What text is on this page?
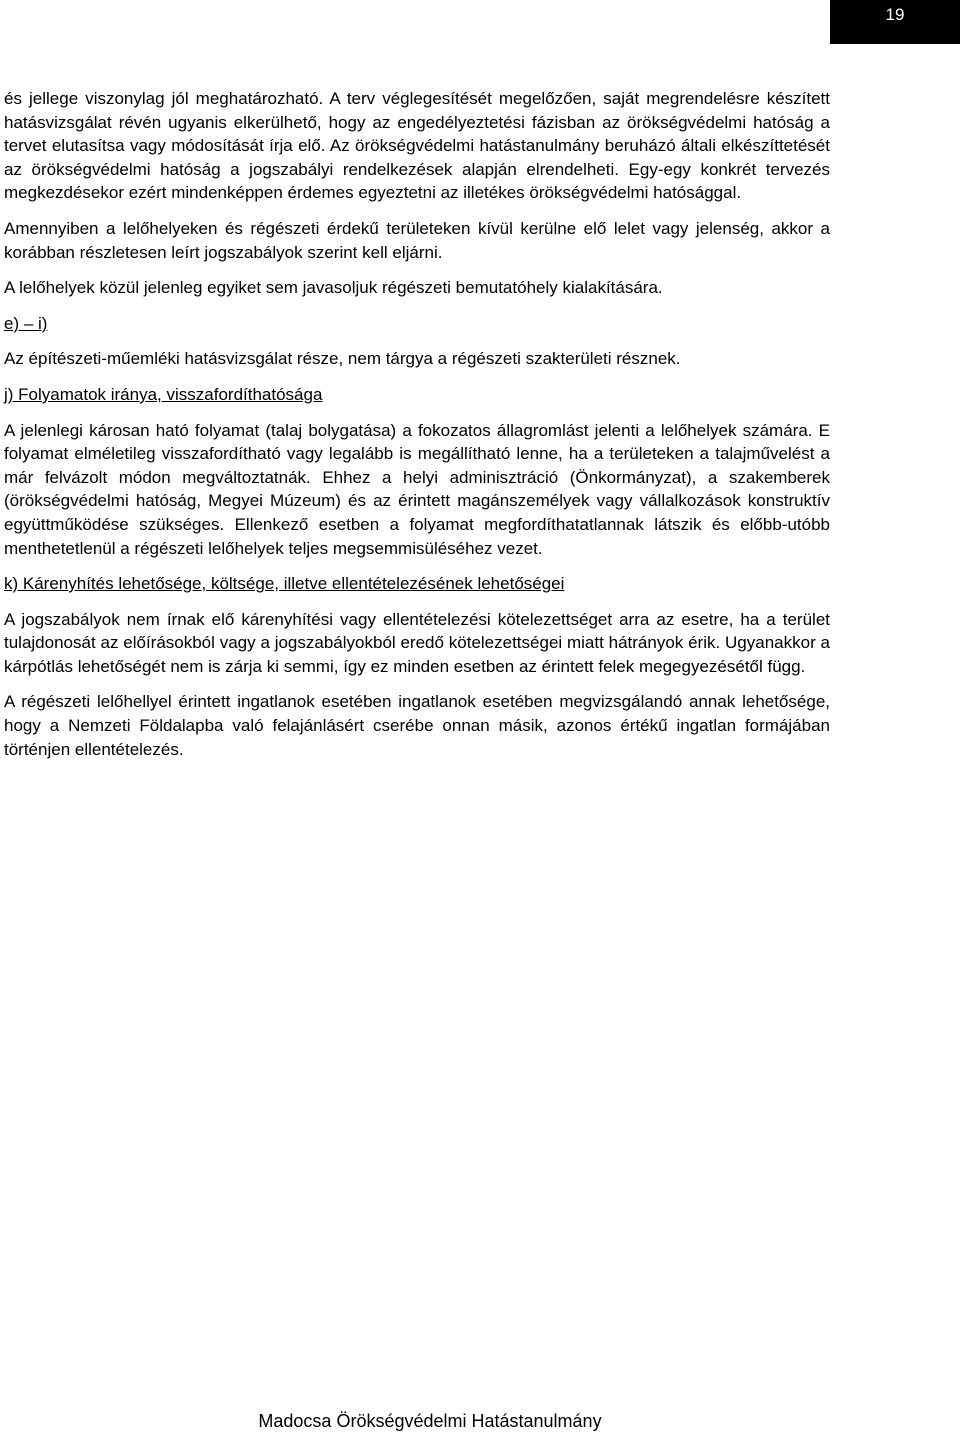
19

és jellege viszonylag jól meghatározható. A terv véglegesítését megelőzően, saját megrendelésre készített hatásvizsgálat révén ugyanis elkerülhető, hogy az engedélyeztetési fázisban az örökségvédelmi hatóság a tervet elutasítsa vagy módosítását írja elő. Az örökségvédelmi hatástanulmány beruházó általi elkészíttetését az örökségvédelmi hatóság a jogszabályi rendelkezések alapján elrendelheti. Egy-egy konkrét tervezés megkezdésekor ezért mindenképpen érdemes egyeztetni az illetékes örökségvédelmi hatósággal.

Amennyiben a lelőhelyeken és régészeti érdekű területeken kívül kerülne elő lelet vagy jelenség, akkor a korábban részletesen leírt jogszabályok szerint kell eljárni.

A lelőhelyek közül jelenleg egyiket sem javasoljuk régészeti bemutatóhely kialakítására.

e) – i)

Az építészeti-műemléki hatásvizsgálat része, nem tárgya a régészeti szakterületi résznek.

j) Folyamatok iránya, visszafordíthatósága

A jelenlegi károsan ható folyamat (talaj bolygatása) a fokozatos állagromlást jelenti a lelőhelyek számára. E folyamat elméletileg visszafordítható vagy legalább is megállítható lenne, ha a területeken a talajművelést a már felvázolt módon megváltoztatnák. Ehhez a helyi adminisztráció (Önkormányzat), a szakemberek (örökségvédelmi hatóság, Megyei Múzeum) és az érintett magánszemélyek vagy vállalkozások konstruktív együttműködése szükséges. Ellenkező esetben a folyamat megfordíthatatlannak látszik és előbb-utóbb menthetetlenül a régészeti lelőhelyek teljes megsemmisüléséhez vezet.

k) Kárenyhítés lehetősége, költsége, illetve ellentételezésének lehetőségei

A jogszabályok nem írnak elő kárenyhítési vagy ellentételezési kötelezettséget arra az esetre, ha a terület tulajdonosát az előírásokból vagy a jogszabályokból eredő kötelezettségei miatt hátrányok érik. Ugyanakkor a kárpótlás lehetőségét nem is zárja ki semmi, így ez minden esetben az érintett felek megegyezésétől függ.

A régészeti lelőhellyel érintett ingatlanok esetében ingatlanok esetében megvizsgálandó annak lehetősége, hogy a Nemzeti Földalapba való felajánlásért cserébe onnan másik, azonos értékű ingatlan formájában történjen ellentételezés.

Madocsa Örökségvédelmi Hatástanulmány
